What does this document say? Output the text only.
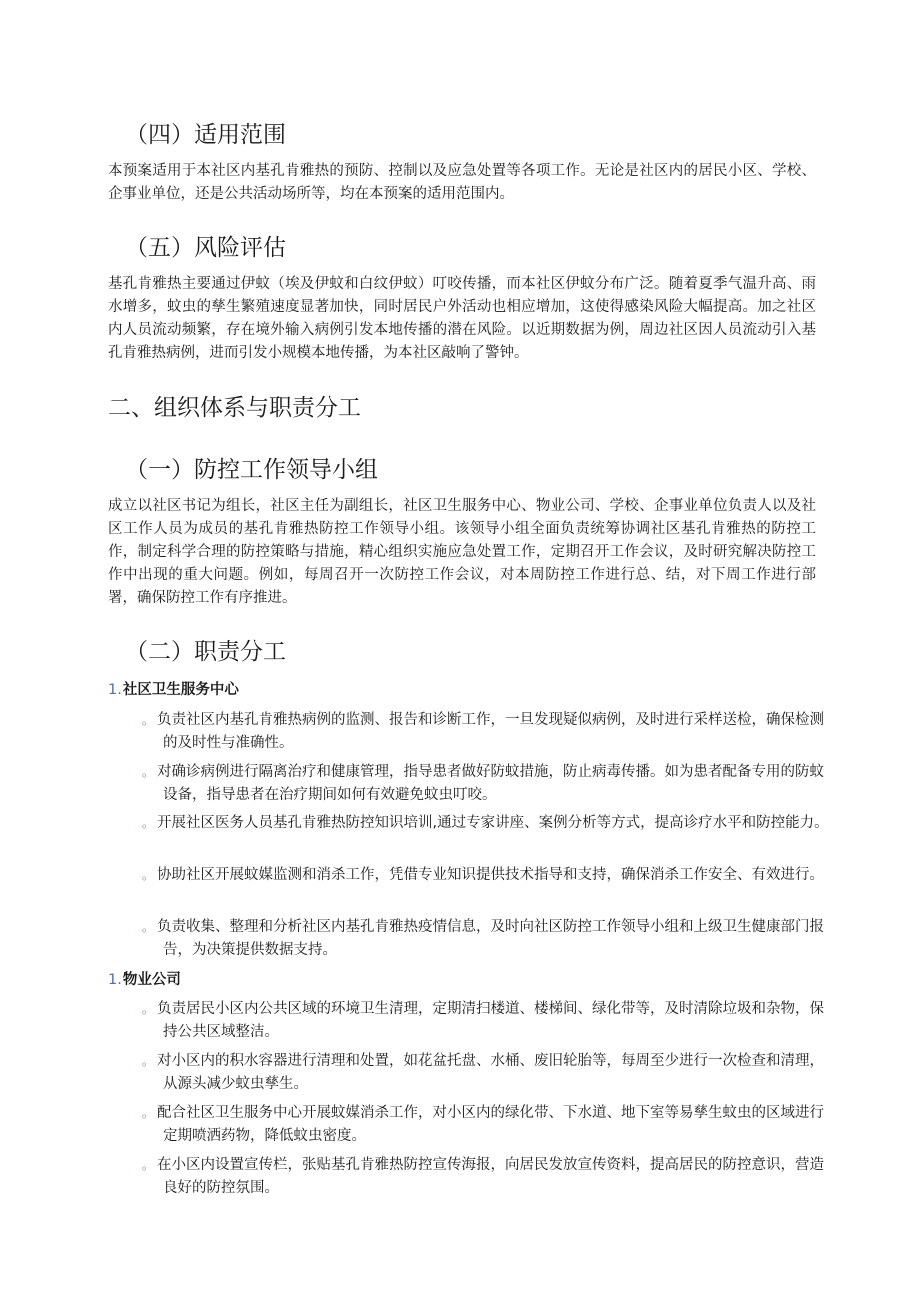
（四）适用范围

本预案适用于本社区内基孔肯雅热的预防、控制以及应急处置等各项工作。无论是社区内的居民小区、学校、企事业单位，还是公共活动场所等，均在本预案的适用范围内。

（五）风险评估

基孔肯雅热主要通过伊蚊（埃及伊蚊和白纹伊蚊）叮咬传播，而本社区伊蚊分布广泛。随着夏季气温升高、雨水增多，蚊虫的孳生繁殖速度显著加快，同时居民户外活动也相应增加，这使得感染风险大幅提高。加之社区内人员流动频繁，存在境外输入病例引发本地传播的潜在风险。以近期数据为例，周边社区因人员流动引入基孔肯雅热病例，进而引发小规模本地传播，为本社区敲响了警钟。

二、组织体系与职责分工
（一）防控工作领导小组

成立以社区书记为组长，社区主任为副组长，社区卫生服务中心、物业公司、学校、企事业单位负责人以及社区工作人员为成员的基孔肯雅热防控工作领导小组。该领导小组全面负责统筹协调社区基孔肯雅热的防控工作，制定科学合理的防控策略与措施，精心组织实施应急处置工作，定期召开工作会议，及时研究解决防控工作中出现的重大问题。例如，每周召开一次防控工作会议，对本周防控工作进行总、结，对下周工作进行部署，确保防控工作有序推进。

（二）职责分工
1.社区卫生服务中心

。 负责社区内基孔肯雅热病例的监测、报告和诊断工作，一旦发现疑似病例，及时进行采样送检，确保检测的及时性与准确性。

。 对确诊病例进行隔离治疗和健康管理，指导患者做好防蚊措施，防止病毒传播。如为患者配备专用的防蚊设备，指导患者在治疗期间如何有效避免蚊虫叮咬。

。 开展社区医务人员基孔肯雅热防控知识培训,通过专家讲座、案例分析等方式，提高诊疗水平和防控能力。

。 协助社区开展蚊媒监测和消杀工作，凭借专业知识提供技术指导和支持，确保消杀工作安全、有效进行。

。 负责收集、整理和分析社区内基孔肯雅热疫情信息，及时向社区防控工作领导小组和上级卫生健康部门报告，为决策提供数据支持。

1.物业公司

。 负责居民小区内公共区域的环境卫生清理，定期清扫楼道、楼梯间、绿化带等，及时清除垃圾和杂物，保持公共区域整洁。

。 对小区内的积水容器进行清理和处置，如花盆托盘、水桶、废旧轮胎等，每周至少进行一次检查和清理，从源头减少蚊虫孳生。

。 配合社区卫生服务中心开展蚊媒消杀工作，对小区内的绿化带、下水道、地下室等易孳生蚊虫的区域进行定期喷洒药物，降低蚊虫密度。

。 在小区内设置宣传栏，张贴基孔肯雅热防控宣传海报，向居民发放宣传资料，提高居民的防控意识，营造良好的防控氛围。
